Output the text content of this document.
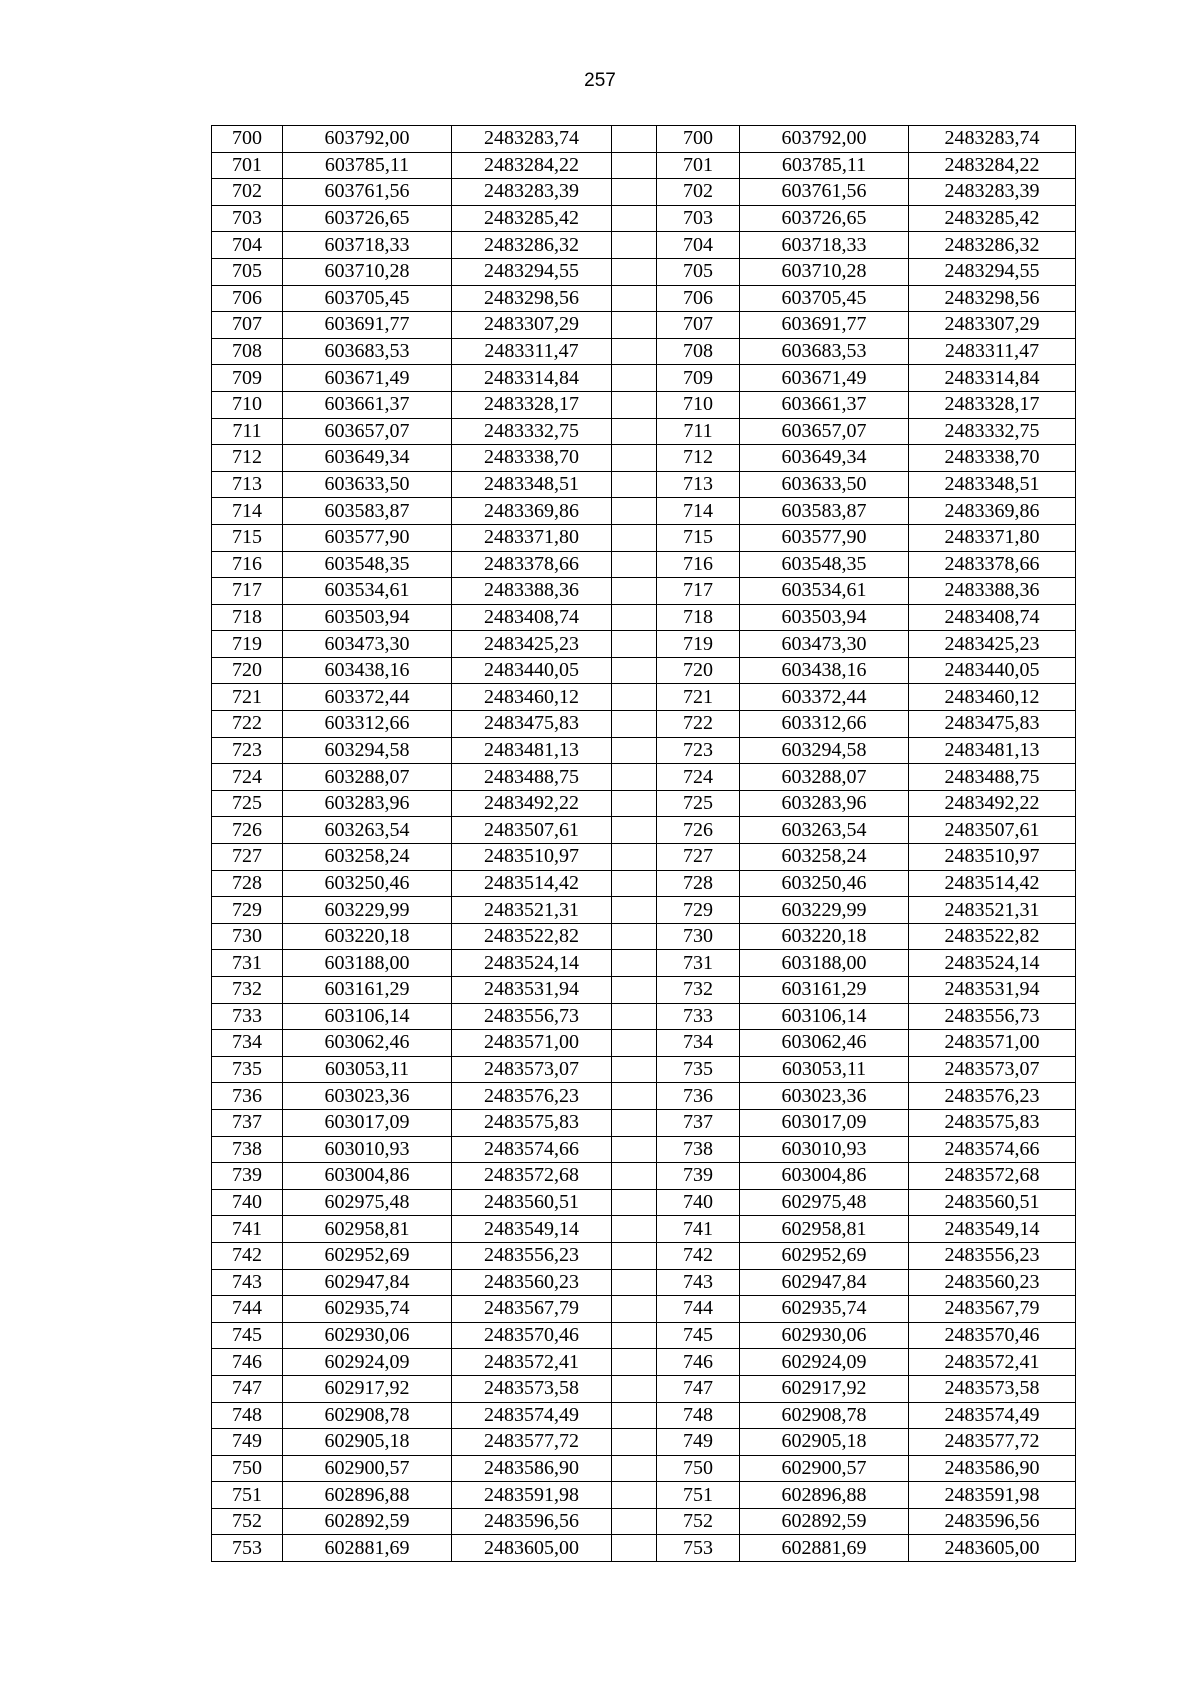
257
700	603792,00	2483283,74		700	603792,00	2483283,74
701	603785,11	2483284,22		701	603785,11	2483284,22
702	603761,56	2483283,39		702	603761,56	2483283,39
703	603726,65	2483285,42		703	603726,65	2483285,42
704	603718,33	2483286,32		704	603718,33	2483286,32
705	603710,28	2483294,55		705	603710,28	2483294,55
706	603705,45	2483298,56		706	603705,45	2483298,56
707	603691,77	2483307,29		707	603691,77	2483307,29
708	603683,53	2483311,47		708	603683,53	2483311,47
709	603671,49	2483314,84		709	603671,49	2483314,84
710	603661,37	2483328,17		710	603661,37	2483328,17
711	603657,07	2483332,75		711	603657,07	2483332,75
712	603649,34	2483338,70		712	603649,34	2483338,70
713	603633,50	2483348,51		713	603633,50	2483348,51
714	603583,87	2483369,86		714	603583,87	2483369,86
715	603577,90	2483371,80		715	603577,90	2483371,80
716	603548,35	2483378,66		716	603548,35	2483378,66
717	603534,61	2483388,36		717	603534,61	2483388,36
718	603503,94	2483408,74		718	603503,94	2483408,74
719	603473,30	2483425,23		719	603473,30	2483425,23
720	603438,16	2483440,05		720	603438,16	2483440,05
721	603372,44	2483460,12		721	603372,44	2483460,12
722	603312,66	2483475,83		722	603312,66	2483475,83
723	603294,58	2483481,13		723	603294,58	2483481,13
724	603288,07	2483488,75		724	603288,07	2483488,75
725	603283,96	2483492,22		725	603283,96	2483492,22
726	603263,54	2483507,61		726	603263,54	2483507,61
727	603258,24	2483510,97		727	603258,24	2483510,97
728	603250,46	2483514,42		728	603250,46	2483514,42
729	603229,99	2483521,31		729	603229,99	2483521,31
730	603220,18	2483522,82		730	603220,18	2483522,82
731	603188,00	2483524,14		731	603188,00	2483524,14
732	603161,29	2483531,94		732	603161,29	2483531,94
733	603106,14	2483556,73		733	603106,14	2483556,73
734	603062,46	2483571,00		734	603062,46	2483571,00
735	603053,11	2483573,07		735	603053,11	2483573,07
736	603023,36	2483576,23		736	603023,36	2483576,23
737	603017,09	2483575,83		737	603017,09	2483575,83
738	603010,93	2483574,66		738	603010,93	2483574,66
739	603004,86	2483572,68		739	603004,86	2483572,68
740	602975,48	2483560,51		740	602975,48	2483560,51
741	602958,81	2483549,14		741	602958,81	2483549,14
742	602952,69	2483556,23		742	602952,69	2483556,23
743	602947,84	2483560,23		743	602947,84	2483560,23
744	602935,74	2483567,79		744	602935,74	2483567,79
745	602930,06	2483570,46		745	602930,06	2483570,46
746	602924,09	2483572,41		746	602924,09	2483572,41
747	602917,92	2483573,58		747	602917,92	2483573,58
748	602908,78	2483574,49		748	602908,78	2483574,49
749	602905,18	2483577,72		749	602905,18	2483577,72
750	602900,57	2483586,90		750	602900,57	2483586,90
751	602896,88	2483591,98		751	602896,88	2483591,98
752	602892,59	2483596,56		752	602892,59	2483596,56
753	602881,69	2483605,00		753	602881,69	2483605,00
